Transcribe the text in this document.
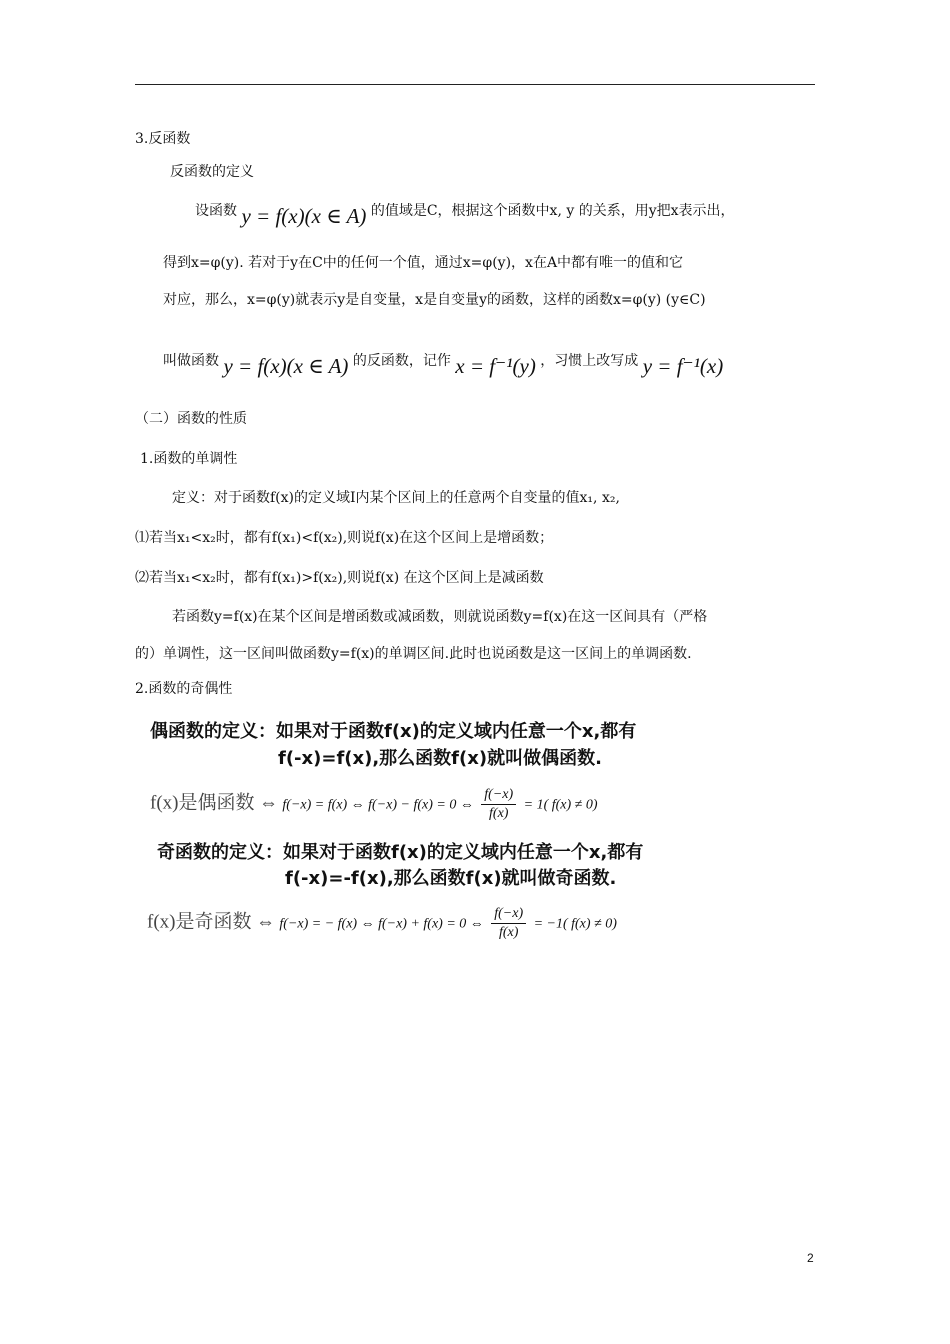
3.反函数
反函数的定义
设函数 y = f(x)(x ∈ A) 的值域是C，根据这个函数中x, y 的关系，用y把x表示出，
得到x=φ(y). 若对于y在C中的任何一个值，通过x=φ(y)，x在A中都有唯一的值和它
对应，那么，x=φ(y)就表示y是自变量，x是自变量y的函数，这样的函数x=φ(y) (y∈C)
叫做函数 y = f(x)(x ∈ A) 的反函数，记作 x = f⁻¹(y) ，习惯上改写成 y = f⁻¹(x)
（二）函数的性质
1.函数的单调性
定义：对于函数f(x)的定义域I内某个区间上的任意两个自变量的值x₁, x₂,
⑴若当x₁<x₂时，都有f(x₁)<f(x₂),则说f(x)在这个区间上是增函数；
⑵若当x₁<x₂时，都有f(x₁)>f(x₂),则说f(x) 在这个区间上是减函数
若函数y=f(x)在某个区间是增函数或减函数，则就说函数y=f(x)在这一区间具有（严格
的）单调性，这一区间叫做函数y=f(x)的单调区间.此时也说函数是这一区间上的单调函数.
2.函数的奇偶性
偶函数的定义：如果对于函数f(x)的定义域内任意一个x,都有
f(-x)=f(x),那么函数f(x)就叫做偶函数.
f(x)是偶函数 ⇔ f(−x) = f(x) ⇔ f(−x) − f(x) = 0 ⇔ $\frac{f(-x)}{f(x)} = 1$( f(x) ≠ 0)
奇函数的定义：如果对于函数f(x)的定义域内任意一个x,都有
f(-x)=-f(x),那么函数f(x)就叫做奇函数.
f(x)是奇函数 ⇔ f(−x) = − f(x) ⇔ f(−x) + f(x) = 0 ⇔ $\frac{f(-x)}{f(x)} = -1$( f(x) ≠ 0)
2
